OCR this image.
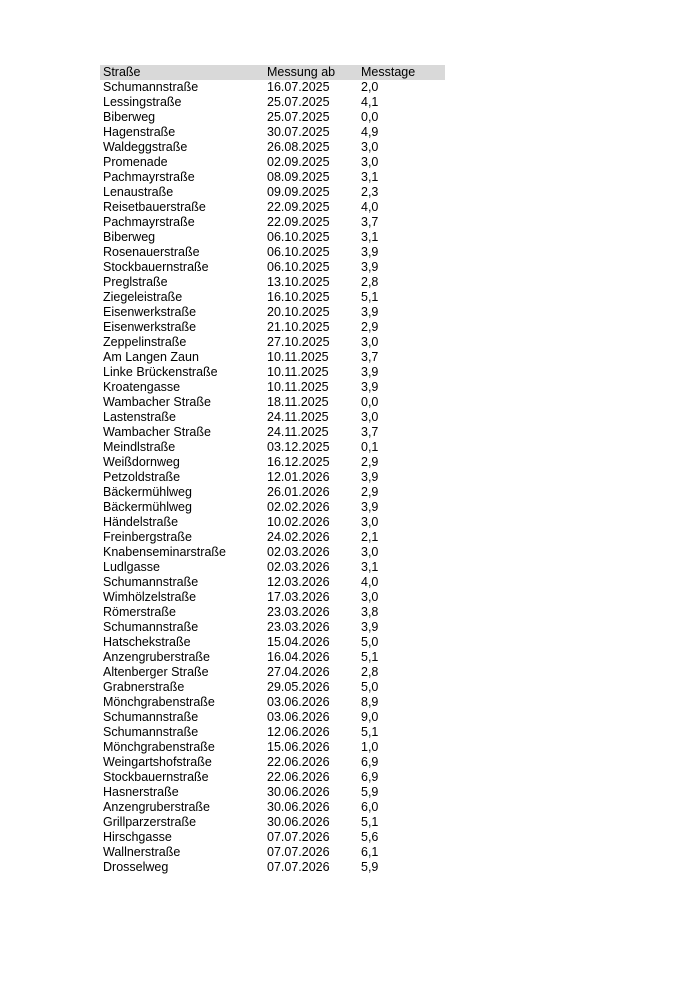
Straße	Messung ab	Messtage
Schumannstraße	16.07.2025	2,0
Lessingstraße	25.07.2025	4,1
Biberweg	25.07.2025	0,0
Hagenstraße	30.07.2025	4,9
Waldeggstraße	26.08.2025	3,0
Promenade	02.09.2025	3,0
Pachmayrstraße	08.09.2025	3,1
Lenaustraße	09.09.2025	2,3
Reisetbauerstraße	22.09.2025	4,0
Pachmayrstraße	22.09.2025	3,7
Biberweg	06.10.2025	3,1
Rosenauerstraße	06.10.2025	3,9
Stockbauernstraße	06.10.2025	3,9
Preglstraße	13.10.2025	2,8
Ziegeleistraße	16.10.2025	5,1
Eisenwerkstraße	20.10.2025	3,9
Eisenwerkstraße	21.10.2025	2,9
Zeppelinstraße	27.10.2025	3,0
Am Langen Zaun	10.11.2025	3,7
Linke Brückenstraße	10.11.2025	3,9
Kroatengasse	10.11.2025	3,9
Wambacher Straße	18.11.2025	0,0
Lastenstraße	24.11.2025	3,0
Wambacher Straße	24.11.2025	3,7
Meindlstraße	03.12.2025	0,1
Weißdornweg	16.12.2025	2,9
Petzoldstraße	12.01.2026	3,9
Bäckermühlweg	26.01.2026	2,9
Bäckermühlweg	02.02.2026	3,9
Händelstraße	10.02.2026	3,0
Freinbergstraße	24.02.2026	2,1
Knabenseminarstraße	02.03.2026	3,0
Ludlgasse	02.03.2026	3,1
Schumannstraße	12.03.2026	4,0
Wimhölzelstraße	17.03.2026	3,0
Römerstraße	23.03.2026	3,8
Schumannstraße	23.03.2026	3,9
Hatschekstraße	15.04.2026	5,0
Anzengruberstraße	16.04.2026	5,1
Altenberger Straße	27.04.2026	2,8
Grabnerstraße	29.05.2026	5,0
Mönchgrabenstraße	03.06.2026	8,9
Schumannstraße	03.06.2026	9,0
Schumannstraße	12.06.2026	5,1
Mönchgrabenstraße	15.06.2026	1,0
Weingartshofstraße	22.06.2026	6,9
Stockbauernstraße	22.06.2026	6,9
Hasnerstraße	30.06.2026	5,9
Anzengruberstraße	30.06.2026	6,0
Grillparzerstraße	30.06.2026	5,1
Hirschgasse	07.07.2026	5,6
Wallnerstraße	07.07.2026	6,1
Drosselweg	07.07.2026	5,9
